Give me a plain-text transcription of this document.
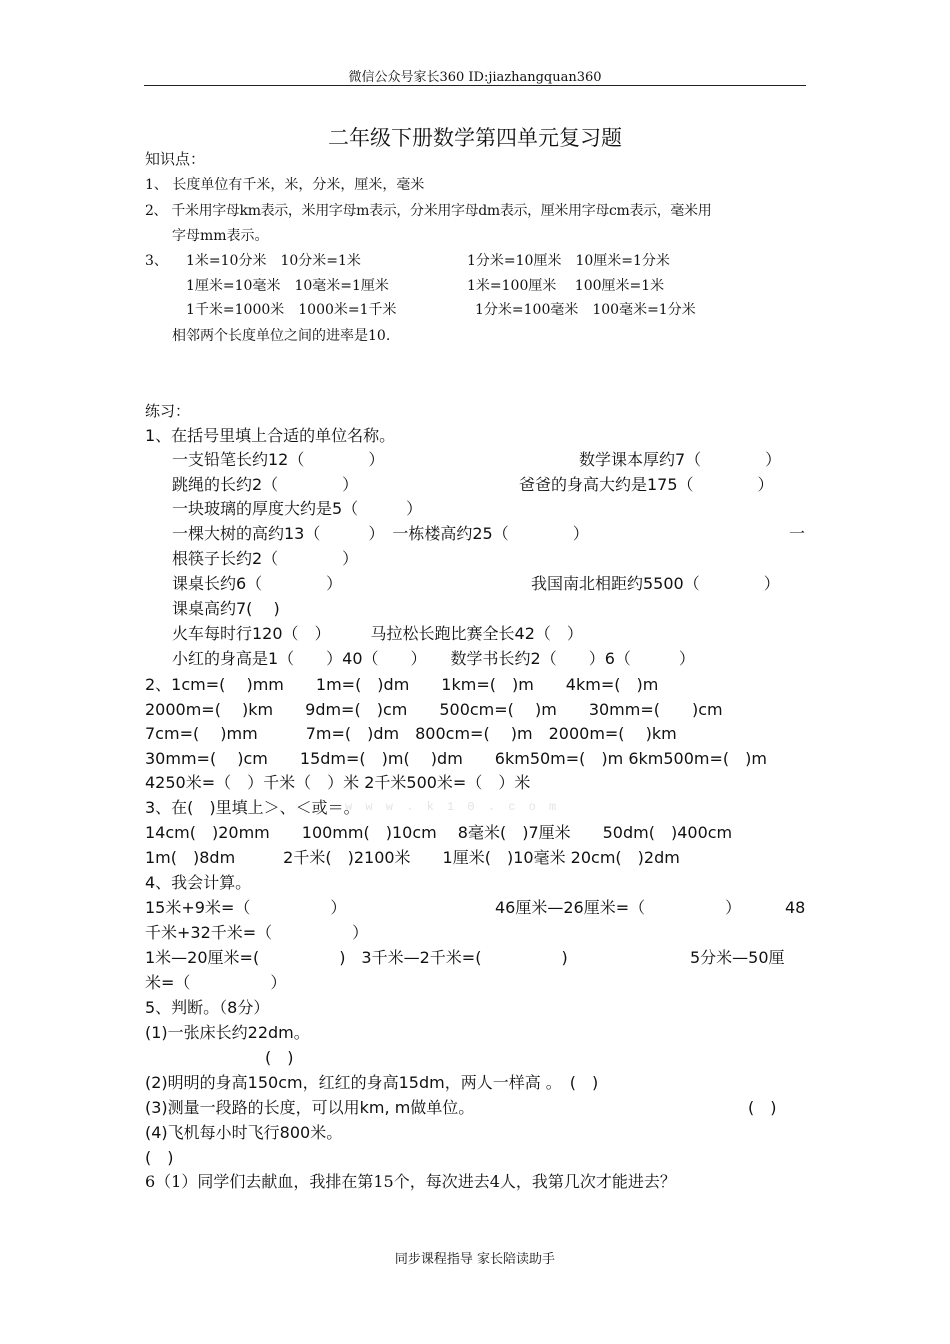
微信公众号家长360 ID:jiazhangquan360
二年级下册数学第四单元复习题
知识点：
1、 长度单位有千米，米，分米，厘米，毫米
2、 千米用字母km表示，米用字母m表示，分米用字母dm表示，厘米用字母cm表示，毫米用
字母mm表示。
3、 1米=10分米　10分米=1米	1分米=10厘米　10厘米=1分米
1厘米=10毫米　10毫米=1厘米	1米=100厘米　 100厘米=1米
1千米=1000米　1000米=1千米	1分米=100毫米　100毫米=1分米
相邻两个长度单位之间的进率是10.
练习：
1、在括号里填上合适的单位名称。
一支铅笔长约12（　　　　）	数学课本厚约7（　　　　）
跳绳的长约2（　　　　）	爸爸的身高大约是175（　　　　）
一块玻璃的厚度大约是5（　　　）
一棵大树的高约13（　　　）　一栋楼高约25（　　　　）	一
根筷子长约2（　　　　）
课桌长约6（　　　　）	我国南北相距约5500（　　　　）
课桌高约7(　 )
火车每时行120（　）　　　马拉松长跑比赛全长42（　）
小红的身高是1（　　）40（　　）　　数学书长约2（　　）6（　　　）
2、1cm=(　 )mm　　1m=(　)dm　　1km=(　)m　　4km=(　)m
2000m=(　 )km　　9dm=(　)cm　　500cm=(　 )m　　30mm=(　　)cm
7cm=(　 )mm　　　7m=(　)dm　800cm=(　 )m　2000m=(　 )km
30mm=(　 )cm　　15dm=(　)m(　 )dm　　6km50m=(　)m 6km500m=(　)m
4250米=（　）千米（　）米 2千米500米=（　）米
w w w . k 1 0 . c o m
3、在(　)里填上＞、＜或＝。
14cm(　)20mm　　100mm(　)10cm　 8毫米(　)7厘米　　50dm(　)400cm
1m(　)8dm　　　2千米(　)2100米　　1厘米(　)10毫米 20cm(　)2dm
4、我会计算。
15米+9米=（　　　　　）	46厘米—26厘米=（　　　　　）	48
千米+32千米=（　　　　　）
1米—20厘米=(　　　　　)　3千米—2千米=(　　　　　)	5分米—50厘
米=（　　　　　）
5、判断。（8分）
(1)一张床长约22dm。
(　)
(2)明明的身高150cm，红红的身高15dm，两人一样高 。　(　)
(3)测量一段路的长度，可以用km, m做单位。	(　)
(4)飞机每小时飞行800米。
(　)
6（1）同学们去献血，我排在第15个，每次进去4人，我第几次才能进去？
同步课程指导 家长陪读助手
